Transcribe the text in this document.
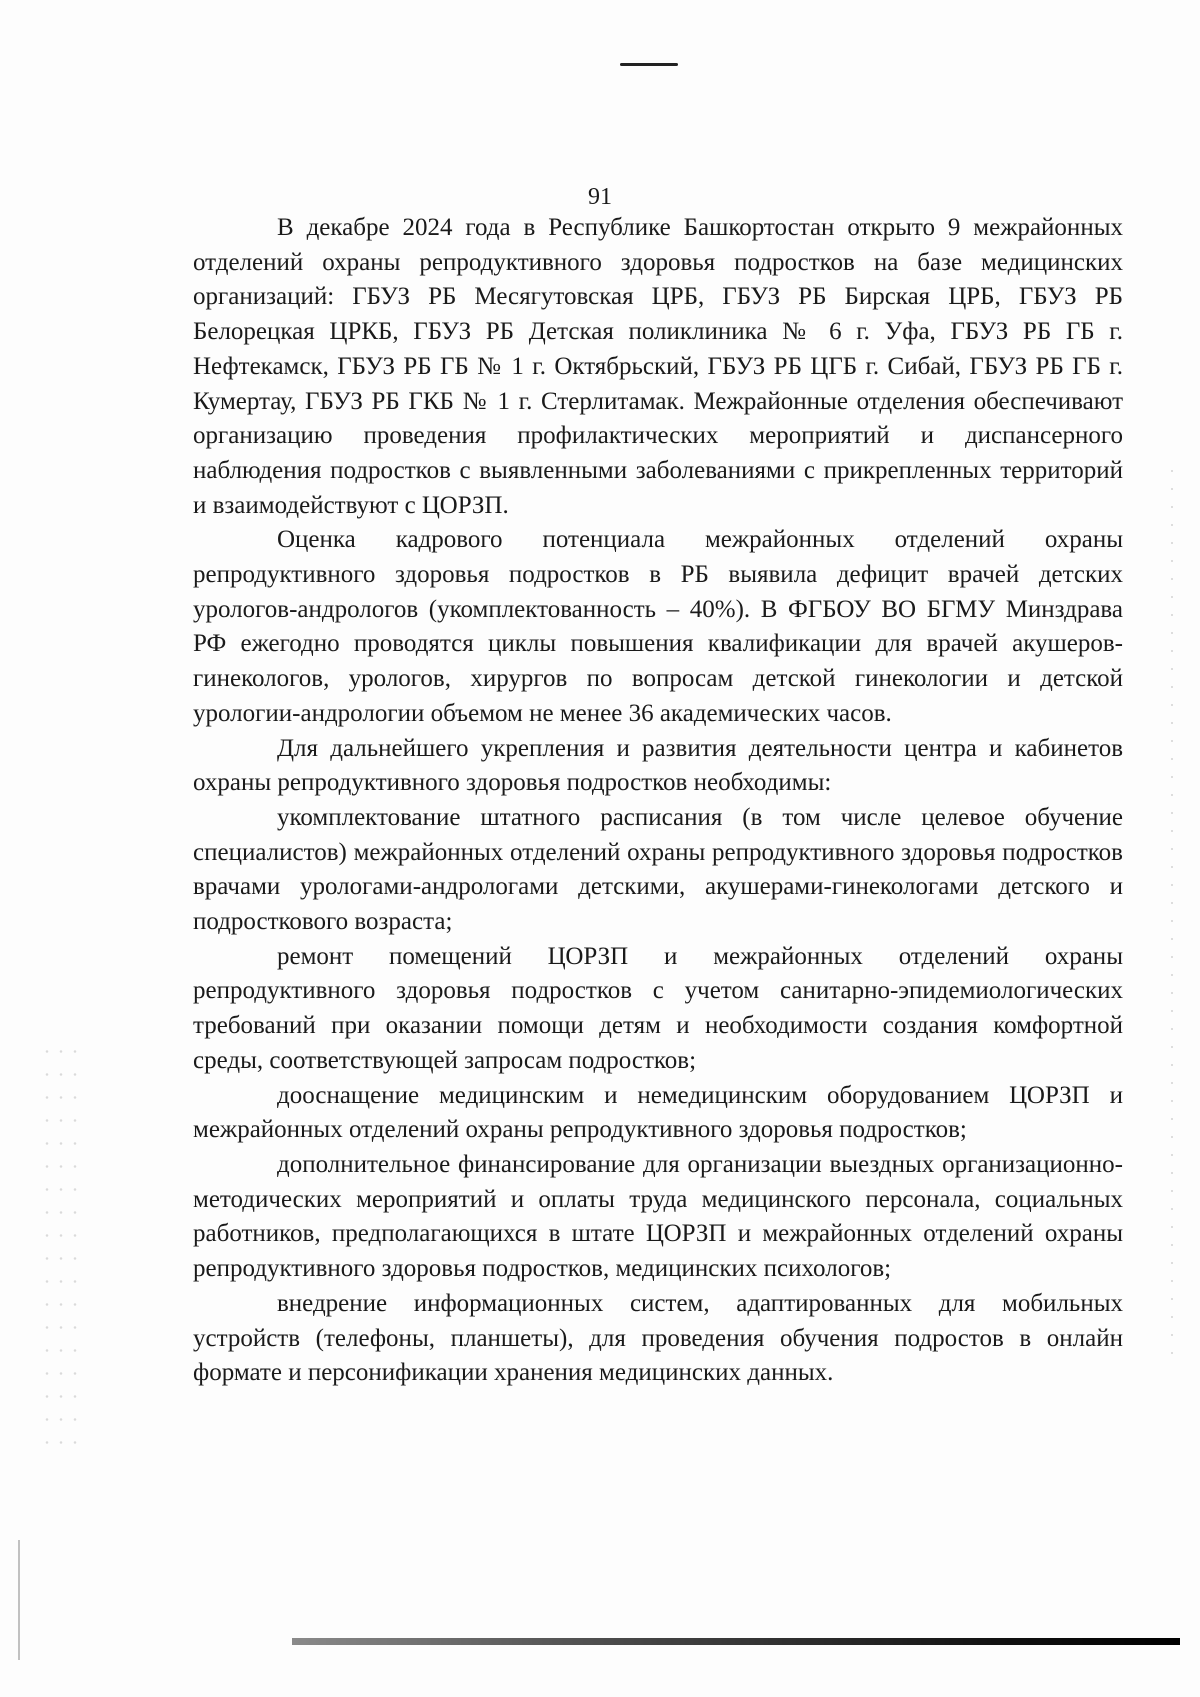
91

В декабре 2024 года в Республике Башкортостан открыто 9 межрайонных отделений охраны репродуктивного здоровья подростков на базе медицинских организаций: ГБУЗ РБ Месягутовская ЦРБ, ГБУЗ РБ Бирская ЦРБ, ГБУЗ РБ Белорецкая ЦРКБ, ГБУЗ РБ Детская поликлиника № 6 г. Уфа, ГБУЗ РБ ГБ г. Нефтекамск, ГБУЗ РБ ГБ № 1 г. Октябрьский, ГБУЗ РБ ЦГБ г. Сибай, ГБУЗ РБ ГБ г. Кумертау, ГБУЗ РБ ГКБ № 1 г. Стерлитамак. Межрайонные отделения обеспечивают организацию проведения профилактических мероприятий и диспансерного наблюдения подростков с выявленными заболеваниями с прикрепленных территорий и взаимодействуют с ЦОРЗП.

Оценка кадрового потенциала межрайонных отделений охраны репродуктивного здоровья подростков в РБ выявила дефицит врачей детских урологов-андрологов (укомплектованность – 40%). В ФГБОУ ВО БГМУ Минздрава РФ ежегодно проводятся циклы повышения квалификации для врачей акушеров-гинекологов, урологов, хирургов по вопросам детской гинекологии и детской урологии-андрологии объемом не менее 36 академических часов.

Для дальнейшего укрепления и развития деятельности центра и кабинетов охраны репродуктивного здоровья подростков необходимы:

укомплектование штатного расписания (в том числе целевое обучение специалистов) межрайонных отделений охраны репродуктивного здоровья подростков врачами урологами-андрологами детскими, акушерами-гинекологами детского и подросткового возраста;

ремонт помещений ЦОРЗП и межрайонных отделений охраны репродуктивного здоровья подростков с учетом санитарно-эпидемиологических требований при оказании помощи детям и необходимости создания комфортной среды, соответствующей запросам подростков;

дооснащение медицинским и немедицинским оборудованием ЦОРЗП и межрайонных отделений охраны репродуктивного здоровья подростков;

дополнительное финансирование для организации выездных организационно-методических мероприятий и оплаты труда медицинского персонала, социальных работников, предполагающихся в штате ЦОРЗП и межрайонных отделений охраны репродуктивного здоровья подростков, медицинских психологов;

внедрение информационных систем, адаптированных для мобильных устройств (телефоны, планшеты), для проведения обучения подростов в онлайн формате и персонификации хранения медицинских данных.
